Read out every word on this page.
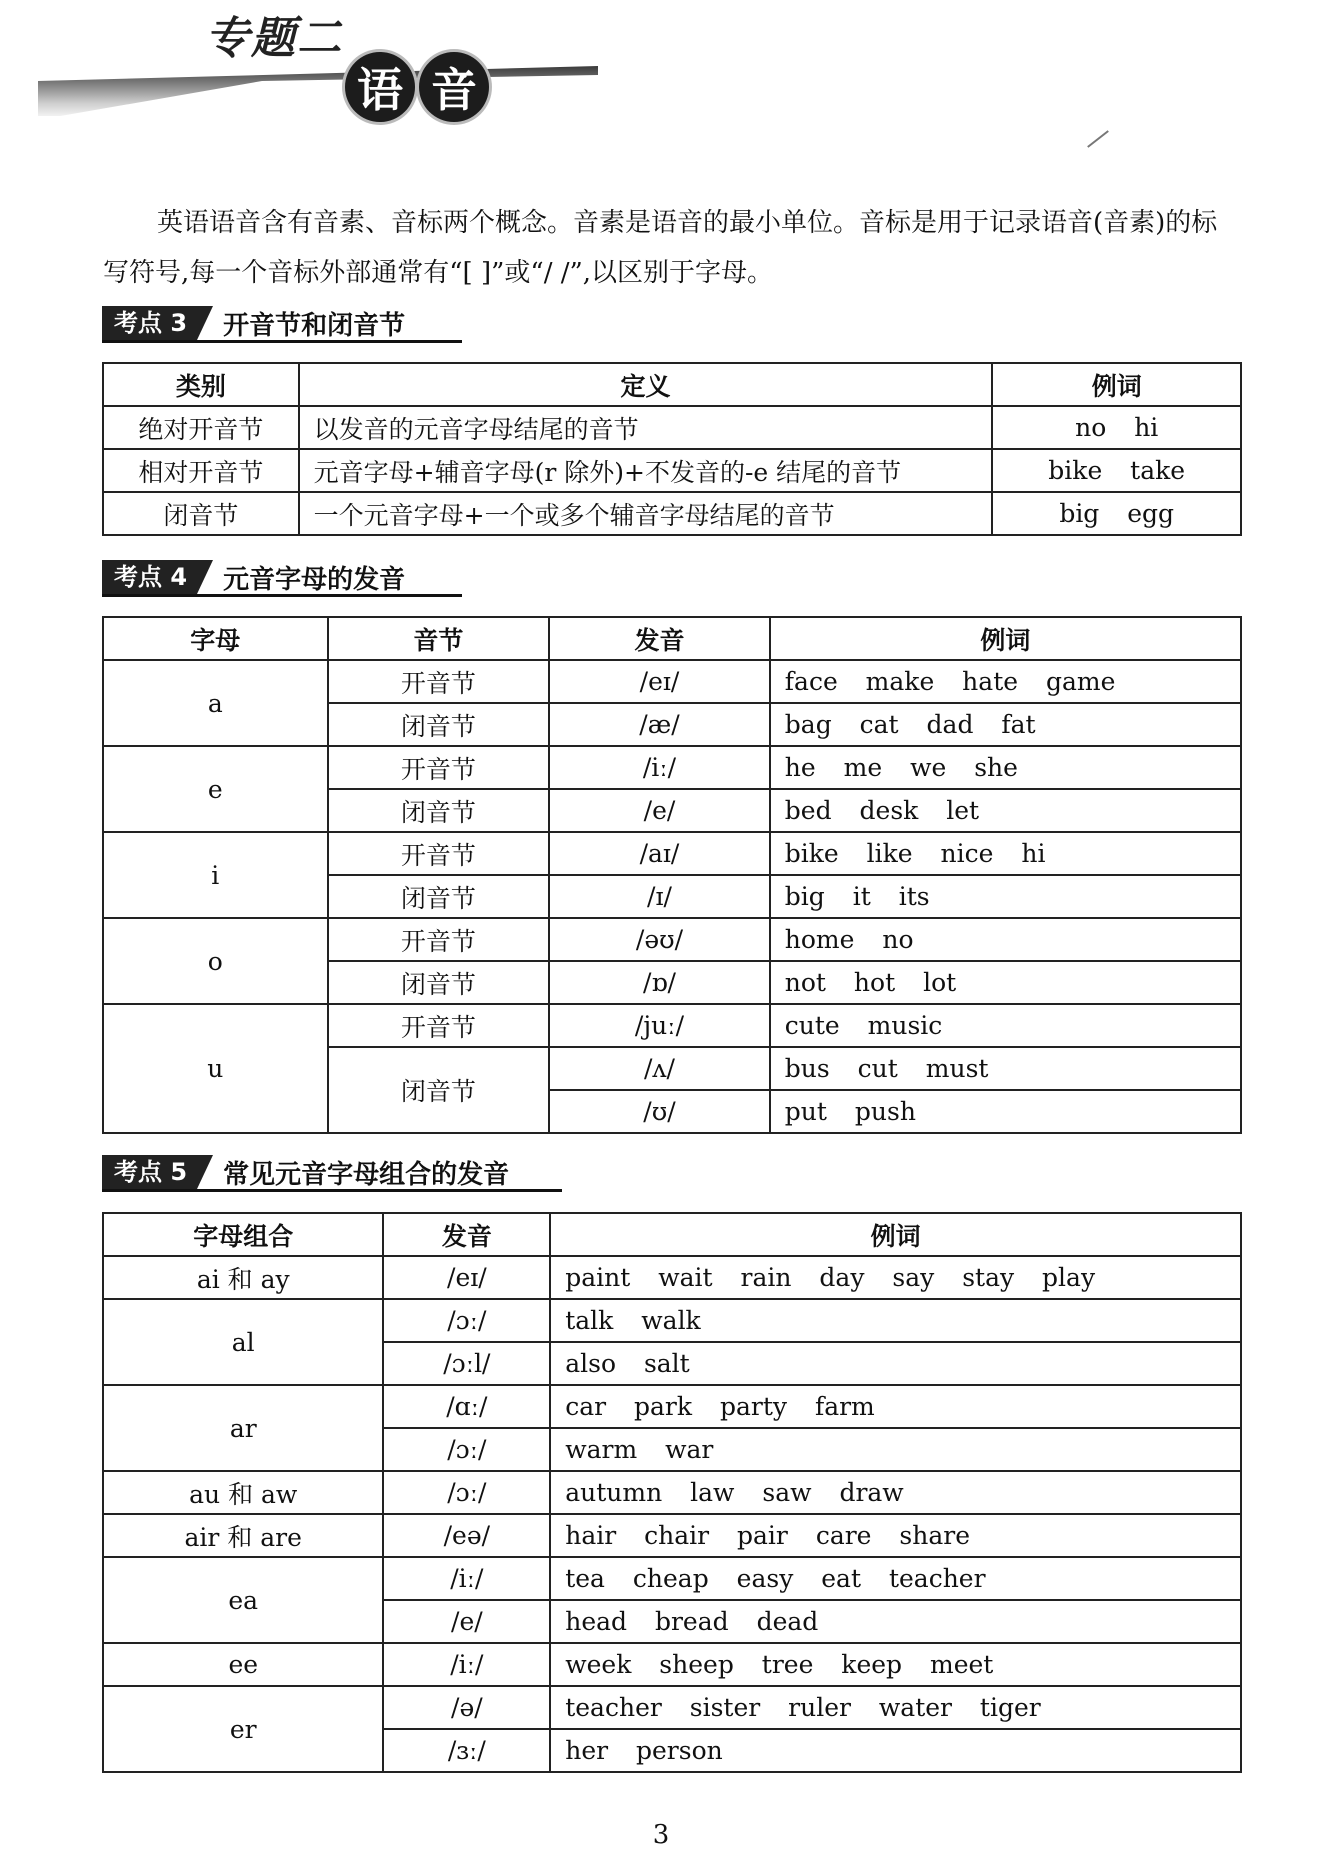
专题二
语 音

英语语音含有音素、音标两个概念。音素是语音的最小单位。音标是用于记录语音(音素)的标写符号,每一个音标外部通常有“[ ]”或“/ /”,以区别于字母。

考点 3	开音节和闭音节
类别	定义	例词
绝对开音节	以发音的元音字母结尾的音节	no hi
相对开音节	元音字母+辅音字母(r 除外)+不发音的-e 结尾的音节	bike take
闭音节	一个元音字母+一个或多个辅音字母结尾的音节	big egg
考点 4	元音字母的发音
字母	音节	发音	例词
a	开音节	/eɪ/	face make hate game
	闭音节	/æ/	bag cat dad fat
e	开音节	/iː/	he me we she
	闭音节	/e/	bed desk let
i	开音节	/aɪ/	bike like nice hi
	闭音节	/ɪ/	big it its
o	开音节	/əʊ/	home no
	闭音节	/ɒ/	not hot lot
u	开音节	/juː/	cute music
	闭音节	/ʌ/	bus cut must
		/ʊ/	put push
考点 5	常见元音字母组合的发音
字母组合	发音	例词
ai 和 ay	/eɪ/	paint wait rain day say stay play
al	/ɔː/	talk walk
	/ɔːl/	also salt
ar	/ɑː/	car park party farm
	/ɔː/	warm war
au 和 aw	/ɔː/	autumn law saw draw
air 和 are	/eə/	hair chair pair care share
ea	/iː/	tea cheap easy eat teacher
	/e/	head bread dead
ee	/iː/	week sheep tree keep meet
er	/ə/	teacher sister ruler water tiger
	/ɜː/	her person
3
